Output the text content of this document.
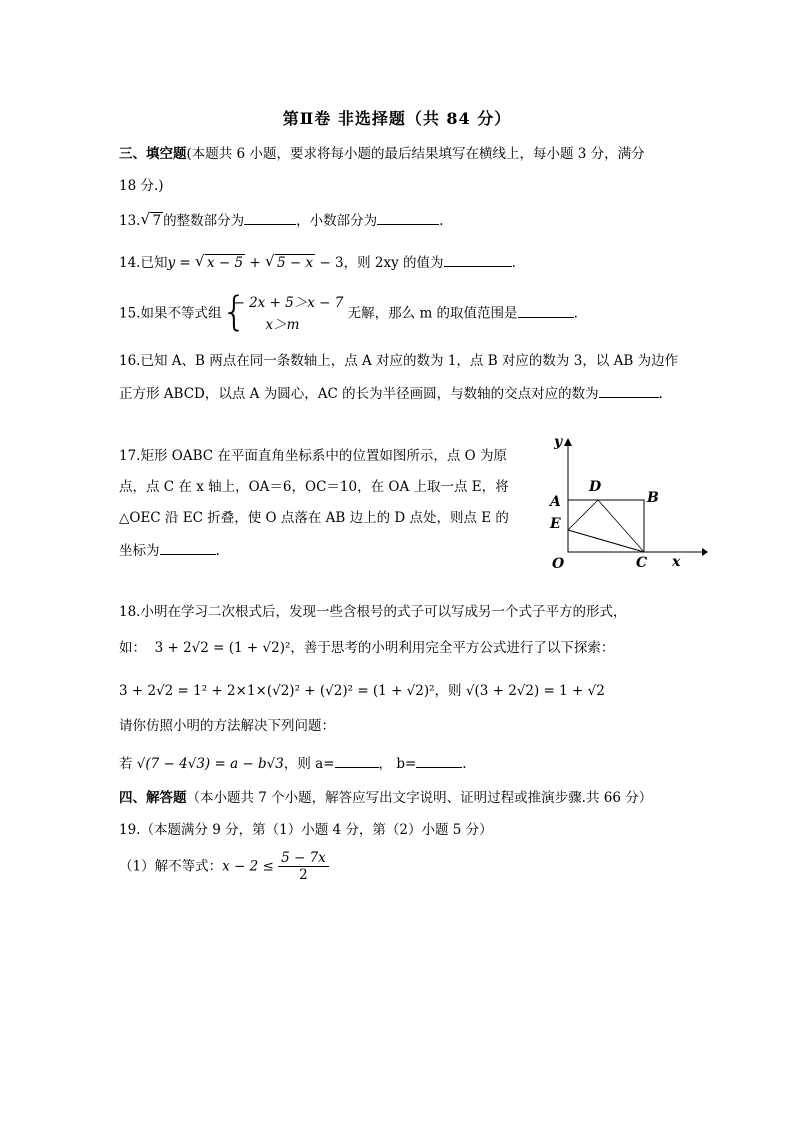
第Ⅱ卷 非选择题（共 84 分）
三、填空题(本题共 6 小题，要求将每小题的最后结果填写在横线上，每小题 3 分，满分
18 分.)
13.√ 7 的整数部分为	，小数部分为	.
14.已知y = √ x − 5 + √ 5 − x − 3，则 2xy 的值为	.
15.如果不等式组 {
− 2x + 5＞x − 7
x＞m
无解，那么 m 的取值范围是	.
16.已知 A、B 两点在同一条数轴上，点 A 对应的数为 1，点 B 对应的数为 3，以 AB 为边作
正方形 ABCD，以点 A 为圆心，AC 的长为半径画圆，与数轴的交点对应的数为	.
17.矩形 OABC 在平面直角坐标系中的位置如图所示，点 O 为原
点，点 C 在 x 轴上，OA＝6，OC＝10，在 OA 上取一点 E，将
△OEC 沿 EC 折叠，使 O 点落在 AB 边上的 D 点处，则点 E 的
坐标为	.
y
x
O
A	B
C
D
E
18.小明在学习二次根式后，发现一些含根号的式子可以写成另一个式子平方的形式，
如： 3 + 2√2 = (1 + √2)²，善于思考的小明利用完全平方公式进行了以下探索：
3 + 2√2 = 1² + 2×1×(√2)² + (√2)² = (1 + √2)²，则 √(3 + 2√2) = 1 + √2
请你仿照小明的方法解决下列问题：
若 √(7 − 4√3) = a − b√3，则 a=	， b=	.
四、解答题（本小题共 7 个小题，解答应写出文字说明、证明过程或推演步骤.共 66 分）
19.（本题满分 9 分，第（1）小题 4 分，第（2）小题 5 分）
（1）解不等式：$x - 2 \le \frac{5 - 7x}{2}$
